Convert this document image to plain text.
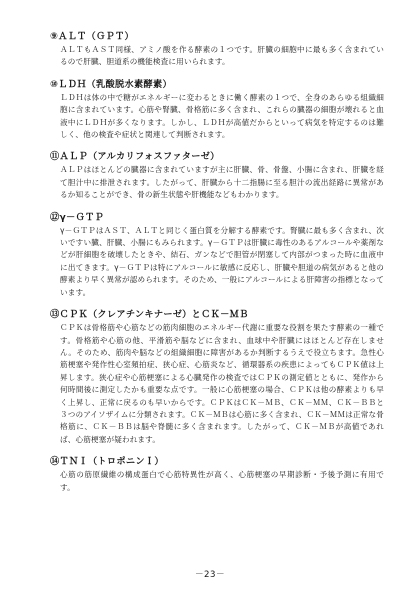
⑨ＡＬＴ（ＧＰＴ）
ＡＬＴもＡＳＴ同様、アミノ酸を作る酵素の１つです。肝臓の細胞中に最も多く含まれているので肝臓、胆道系の機能検査に用いられます。
⑩ＬＤＨ（乳酸脱水素酵素）
ＬＤＨは体の中で糖がエネルギーに変わるときに働く酵素の１つで、全身のあらゆる組織細胞に含まれています。心筋や腎臓、骨格筋に多く含まれ、これらの臓器の細胞が壊れると血液中にＬＤＨが多くなります。しかし、ＬＤＨが高値だからといって病気を特定するのは難しく、他の検査や症状と関連して判断されます。
⑪ＡＬＰ（アルカリフォスファターゼ）
ＡＬＰはほとんどの臓器に含まれていますが主に肝臓、骨、骨盤、小腸に含まれ、肝臓を経て胆汁中に排泄されます。したがって、肝臓から十二指腸に至る胆汁の流出経路に異常があるか知ることができ、骨の新生状態や肝機能などもわかります。
⑫γ－ＧＴＰ
γ－ＧＴＰはＡＳＴ、ＡＬＴと同じく蛋白質を分解する酵素です。腎臓に最も多く含まれ、次いですい臓、肝臓、小腸にもみられます。γ－ＧＴＰは肝臓に毒性のあるアルコールや薬剤などが肝細胞を破壊したときや、結石、ガンなどで胆管が閉塞して内部がつまった時に血液中に出てきます。γ－ＧＴＰは特にアルコールに敏感に反応し、肝臓や胆道の病気があると他の酵素より早く異常が認められます。そのため、一般にアルコールによる肝障害の指標となっています。
⑬ＣＰＫ（クレアチンキナーゼ）とＣＫ－ＭＢ
ＣＰＫは骨格筋や心筋などの筋肉細胞のエネルギー代謝に重要な役割を果たす酵素の一種です。骨格筋や心筋の他、平滑筋や脳などに含まれ、血球中や肝臓にはほとんど存在しません。そのため、筋肉や脳などの組織細胞に障害があるか判断するうえで役立ちます。急性心筋梗塞や発作性心室頻拍症、狭心症、心筋炎など、循環器系の疾患によってもＣＰＫ値は上昇します。狭心症や心筋梗塞による心臓発作の検査ではＣＰＫの測定値とともに、発作から何時間後に測定したかも重要な点です。一般に心筋梗塞の場合、ＣＰＫは他の酵素よりも早く上昇し、正常に戻るのも早いからです。ＣＰＫはＣＫ－ＭＢ、ＣＫ－ＭＭ、ＣＫ－ＢＢと３つのアイソザイムに分類されます。ＣＫ－ＭＢは心筋に多く含まれ、ＣＫ－ＭＭは正常な骨格筋に、ＣＫ－ＢＢは脳や脊髄に多く含まれます。したがって、ＣＫ－ＭＢが高値であれば、心筋梗塞が疑われます。
⑭ＴＮＩ（トロポニンＩ）
心筋の筋原繊維の構成蛋白で心筋特異性が高く、心筋梗塞の早期診断・予後予測に有用です。
－23－
